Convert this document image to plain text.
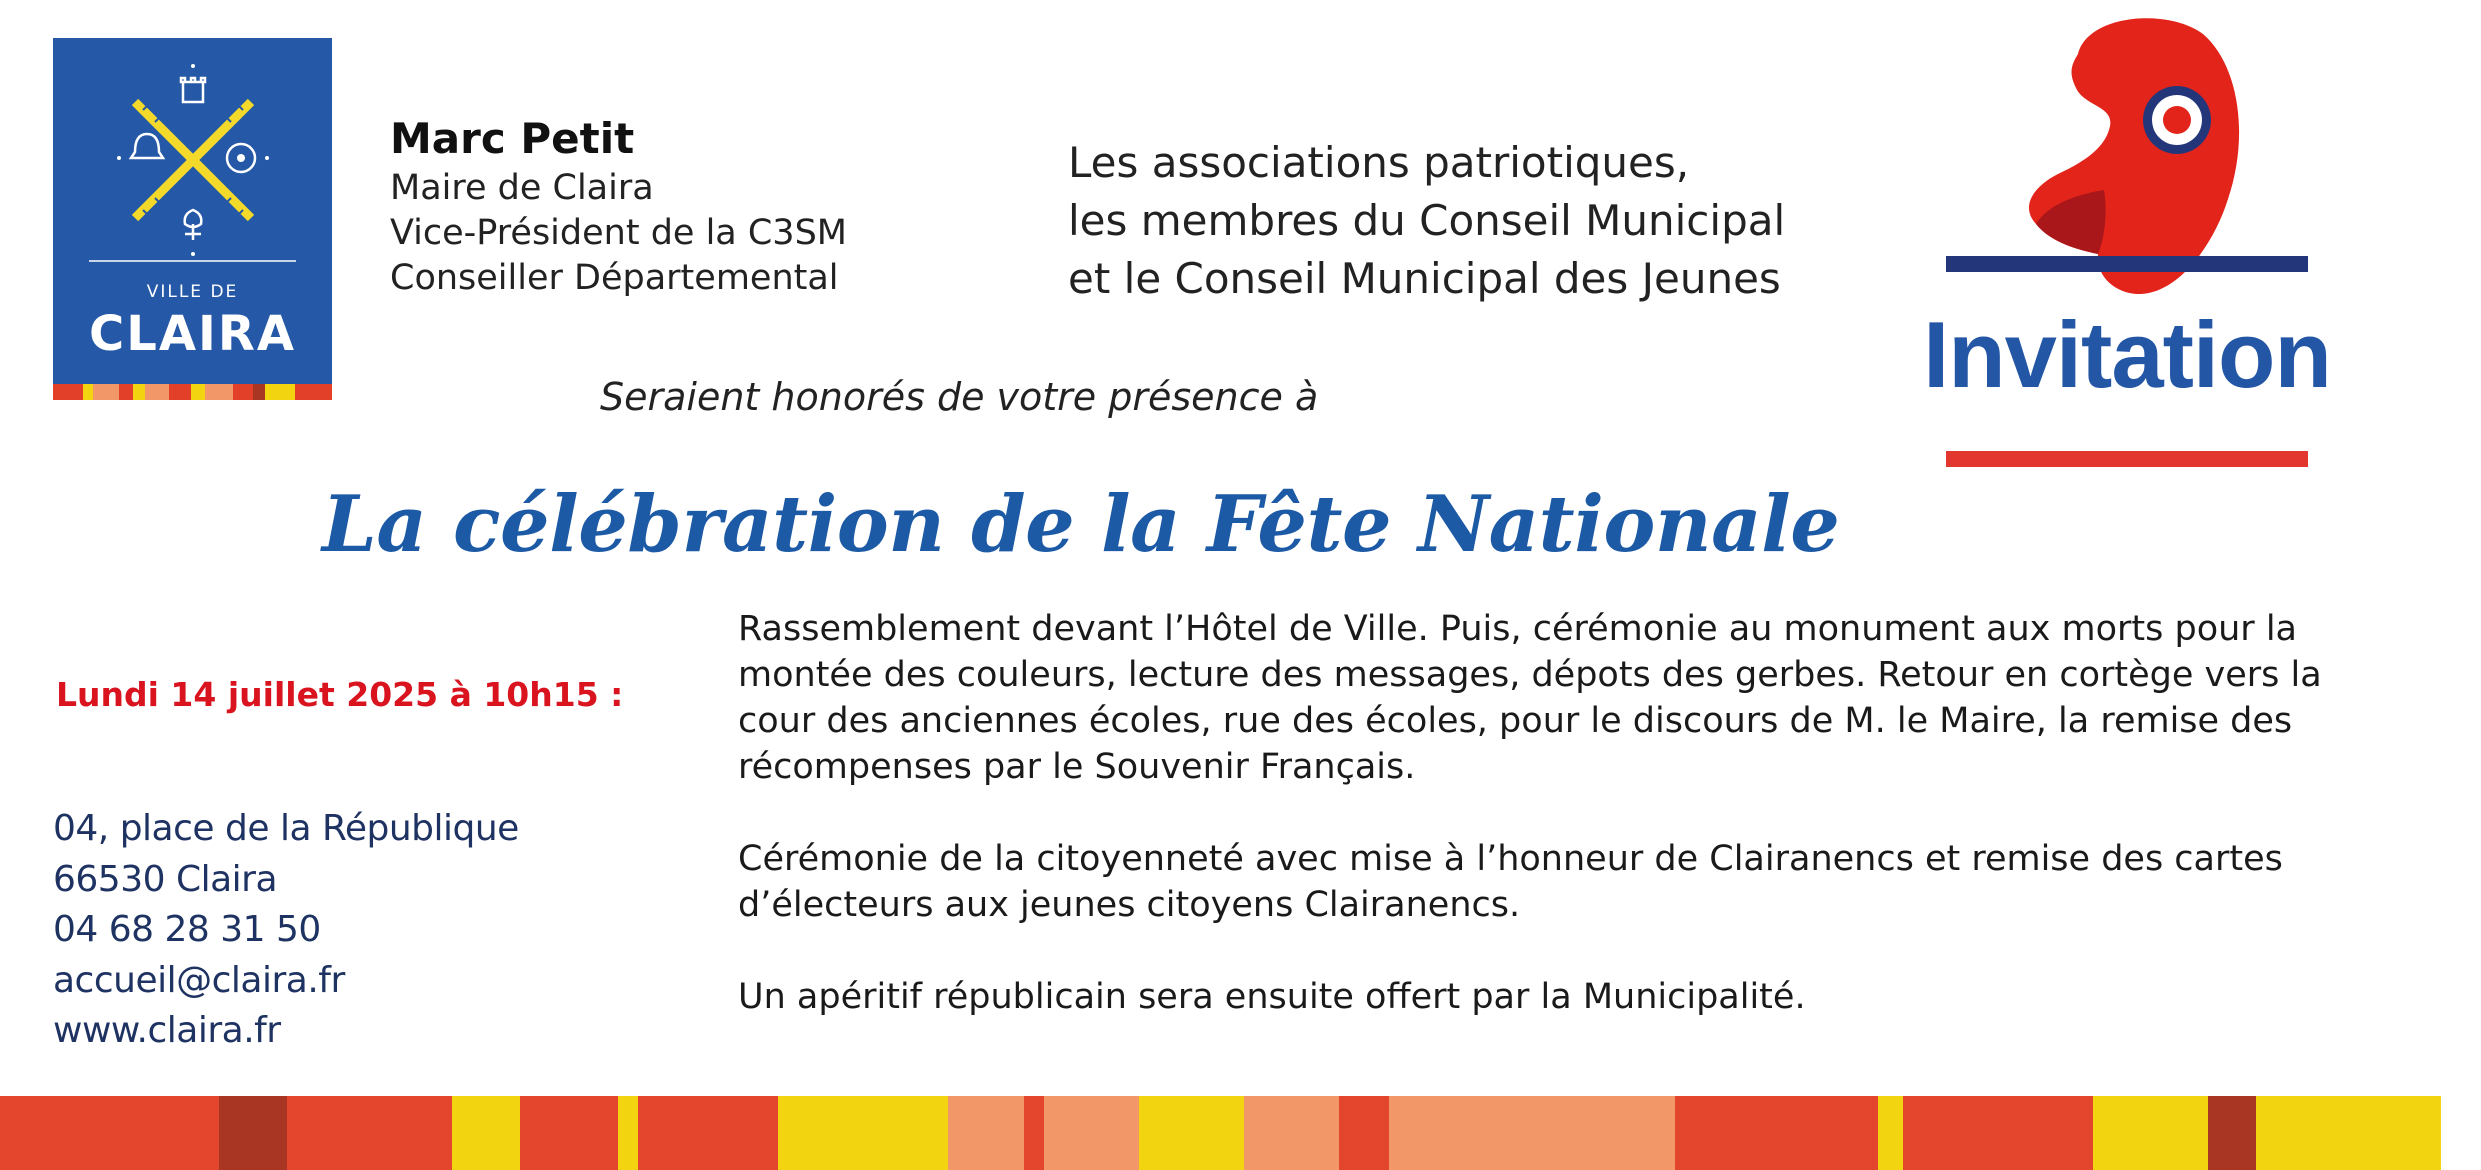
VILLE DE
CLAIRA
Marc Petit
Maire de Claira
Vice-Président de la C3SM
Conseiller Départemental
Les associations patriotiques,
les membres du Conseil Municipal
et le Conseil Municipal des Jeunes
Invitation
Seraient honorés de votre présence à
La célébration de la Fête Nationale
Lundi 14 juillet 2025 à 10h15 :
04, place de la République
66530 Claira
04 68 28 31 50
accueil@claira.fr
www.claira.fr

Rassemblement devant l’Hôtel de Ville. Puis, cérémonie au monument aux morts pour la montée des couleurs, lecture des messages, dépots des gerbes. Retour en cortège vers la cour des anciennes écoles, rue des écoles, pour le discours de M. le Maire, la remise des récompenses par le Souvenir Français.

Cérémonie de la citoyenneté avec mise à l’honneur de Clairanencs et remise des cartes d’électeurs aux jeunes citoyens Clairanencs.

Un apéritif républicain sera ensuite offert par la Municipalité.
